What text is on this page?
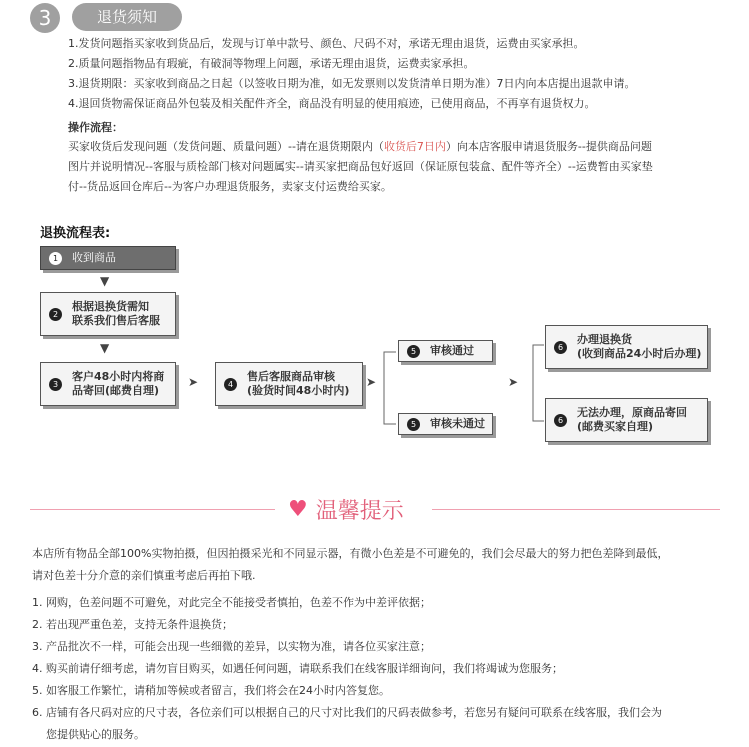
3	退货须知
1.发货问题指买家收到货品后，发现与订单中款号、颜色、尺码不对，承诺无理由退货，运费由买家承担。
2.质量问题指物品有瑕疵，有破洞等物理上问题，承诺无理由退货，运费卖家承担。
3.退货期限：买家收到商品之日起（以签收日期为准，如无发票则以发货清单日期为准）7日内向本店提出退款申请。
4.退回货物需保证商品外包装及相关配件齐全，商品没有明显的使用痕迹，已使用商品，不再享有退货权力。
操作流程：
买家收货后发现问题（发货问题、质量问题）--请在退货期限内（收货后7日内）向本店客服申请退货服务--提供商品问题
图片并说明情况--客服与质检部门核对问题属实--请买家把商品包好返回（保证原包装盒、配件等齐全）--运费暂由买家垫
付--货品返回仓库后--为客户办理退货服务，卖家支付运费给买家。
退换流程表:
1	收到商品
▼
2
根据退换货需知
联系我们售后客服
▼
3
客户48小时内将商
品寄回(邮费自理)
➤	4
售后客服商品审核
(验货时间48小时内)
➤
5	审核通过
5	审核未通过
➤
6
办理退换货
(收到商品24小时后办理)
6
无法办理，原商品寄回
(邮费买家自理)
♥ 温馨提示
本店所有物品全部100%实物拍摄，但因拍摄采光和不同显示器，有微小色差是不可避免的，我们会尽最大的努力把色差降到最低，
请对色差十分介意的亲们慎重考虑后再拍下哦.
1. 网购，色差问题不可避免，对此完全不能接受者慎拍，色差不作为中差评依据；
2. 若出现严重色差，支持无条件退换货；
3. 产品批次不一样，可能会出现一些细微的差异，以实物为准，请各位买家注意；
4. 购买前请仔细考虑，请勿盲目购买，如遇任何问题，请联系我们在线客服详细询问，我们将竭诚为您服务；
5. 如客服工作繁忙，请稍加等候或者留言，我们将会在24小时内答复您。
6. 店铺有各尺码对应的尺寸表，各位亲们可以根据自己的尺寸对比我们的尺码表做参考，若您另有疑问可联系在线客服，我们会为
您提供贴心的服务。
